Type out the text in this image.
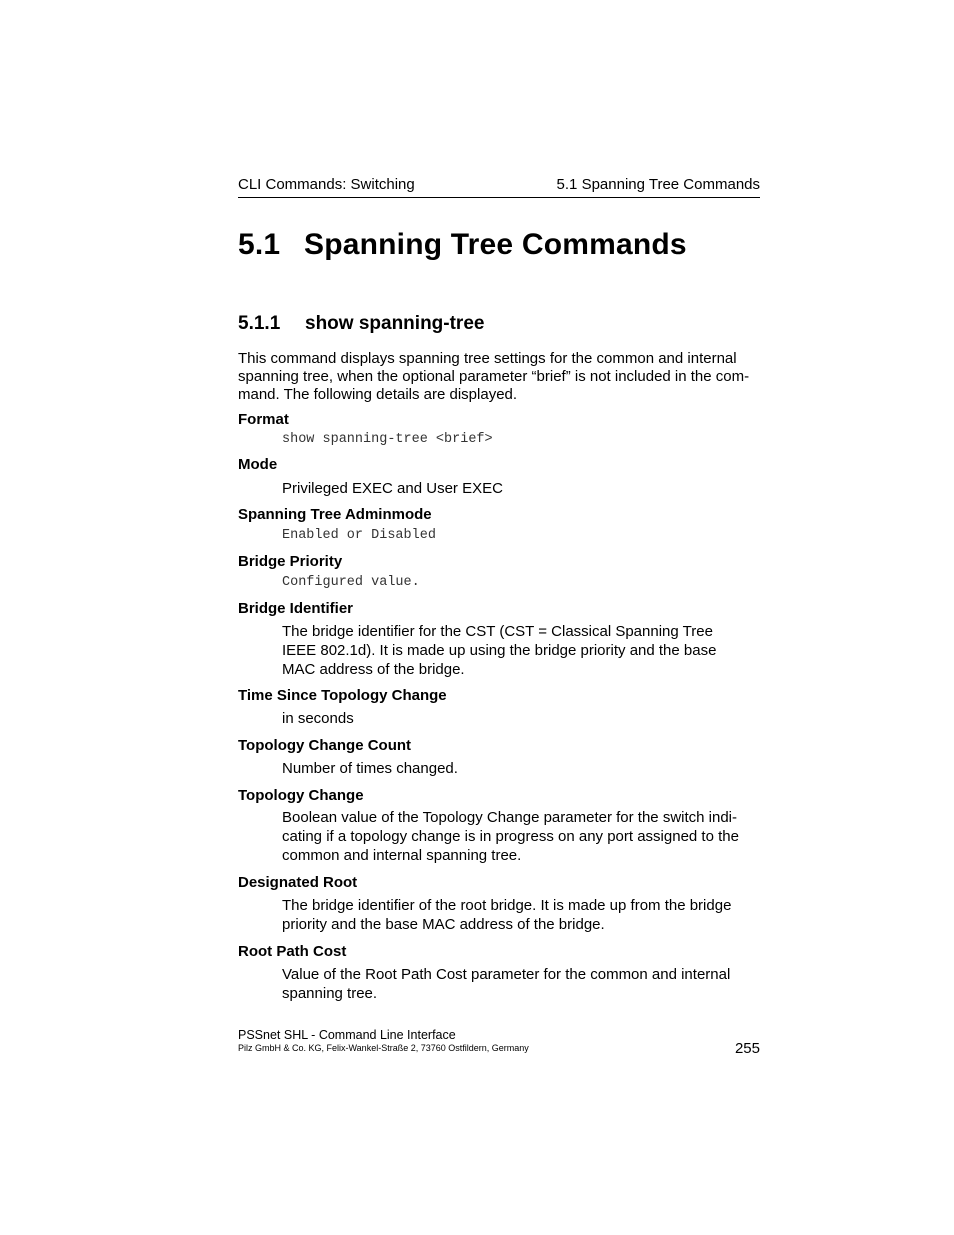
CLI Commands: Switching	5.1 Spanning Tree Commands
5.1 Spanning Tree Commands
5.1.1 show spanning-tree
This command displays spanning tree settings for the common and internal
spanning tree, when the optional parameter “brief” is not included in the com-
mand. The following details are displayed.
Format
show spanning-tree <brief>
Mode
Privileged EXEC and User EXEC
Spanning Tree Adminmode
Enabled or Disabled
Bridge Priority
Configured value.
Bridge Identifier
The bridge identifier for the CST (CST = Classical Spanning Tree
IEEE 802.1d). It is made up using the bridge priority and the base
MAC address of the bridge.
Time Since Topology Change
in seconds
Topology Change Count
Number of times changed.
Topology Change
Boolean value of the Topology Change parameter for the switch indi-
cating if a topology change is in progress on any port assigned to the
common and internal spanning tree.
Designated Root
The bridge identifier of the root bridge. It is made up from the bridge
priority and the base MAC address of the bridge.
Root Path Cost
Value of the Root Path Cost parameter for the common and internal
spanning tree.
PSSnet SHL - Command Line Interface
Pilz GmbH & Co. KG, Felix-Wankel-Straße 2, 73760 Ostfildern, Germany	255
